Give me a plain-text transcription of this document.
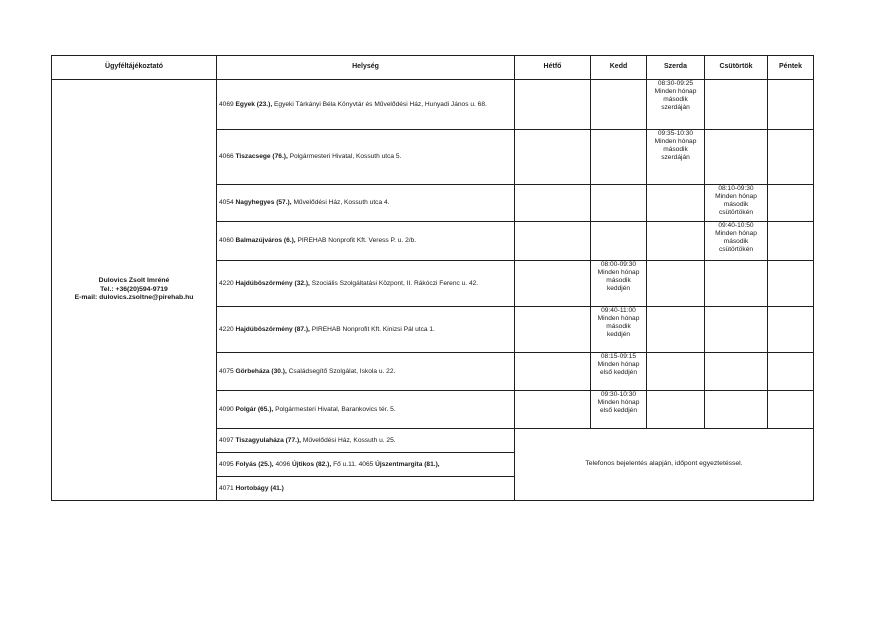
Ügyféltájékoztató	Helység	Hétfő	Kedd	Szerda	Csütörtök	Péntek

Dulovics Zsolt Imréné
Tel.: +36(20)594-9719
E-mail: dulovics.zsoltne@pirehab.hu	4069 Egyek (23.), Egyeki Tárkányi Béla Könyvtár és Művelődési Ház, Hunyadi János u. 68.			08:30-09:25
Minden hónap
második
szerdáján		

	4066 Tiszacsege (76.), Polgármesteri Hivatal, Kossuth utca 5.			09:35-10:30
Minden hónap
második
szerdáján		

	4054 Nagyhegyes (57.), Művelődési Ház, Kossuth utca 4.				08:10-09:30
Minden hónap
második
csütörtökén	

	4060 Balmazújváros (6.), PIREHAB Nonprofit Kft. Veress P. u. 2/b.				09:40-10:50
Minden hónap
második
csütörtökén	

	4220 Hajdúböszörmény (32.), Szociális Szolgáltatási Központ, II. Rákóczi Ferenc u. 42.		08:00-09:30
Minden hónap
második
keddjén			

	4220 Hajdúböszörmény (87.), PIREHAB Nonprofit Kft. Kinizsi Pál utca 1.		09:40-11:00
Minden hónap
második
keddjén			

	4075 Görbeháza (30.), Családsegítő Szolgálat, Iskola u. 22.		08:15-09:15
Minden hónap
első keddjén			

	4090 Polgár (65.), Polgármesteri Hivatal, Barankovics tér. 5.		09:30-10:30
Minden hónap
első keddjén			

	4097 Tiszagyulaháza (77.), Művelődési Ház, Kossuth u. 25.	Telefonos bejelentés alapján, időpont egyeztetéssel.				
	4095 Folyás (25.), 4096 Újtikos (82.), Fő u.11. 4065 Újszentmargita (81.),					
	4071 Hortobágy (41.)					
